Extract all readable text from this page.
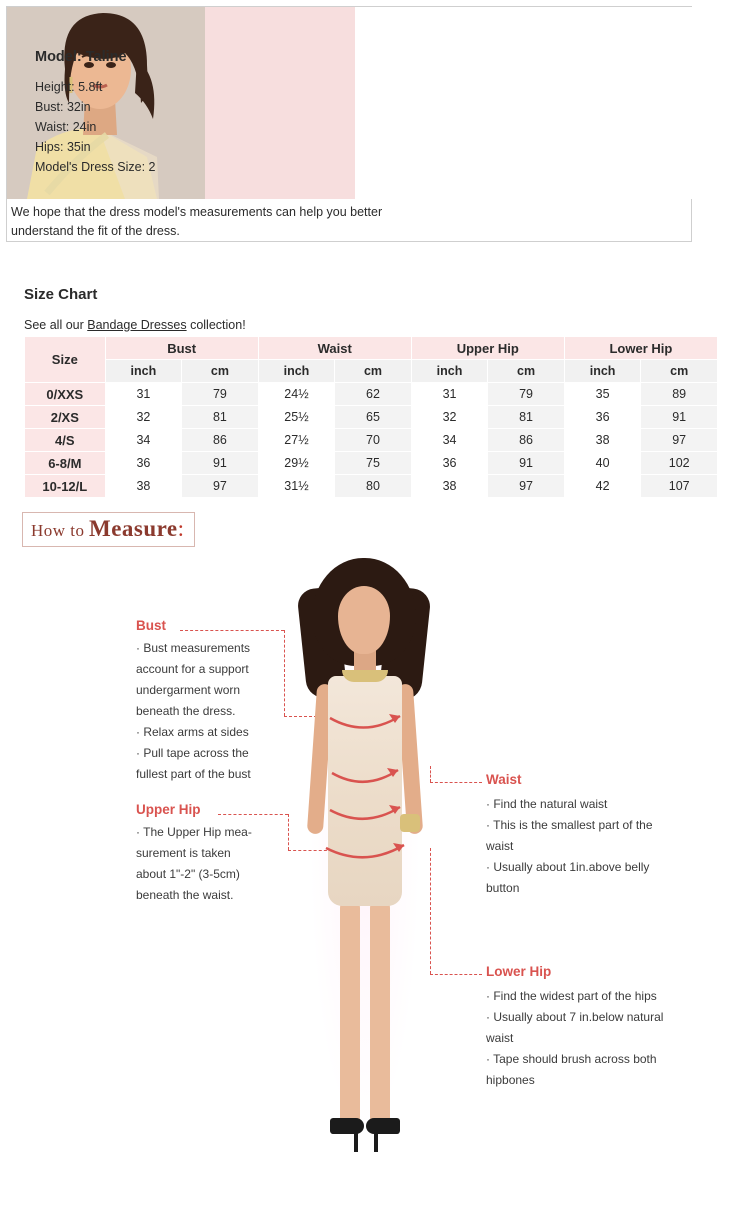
Model: Taline
Height: 5.8ft
Bust: 32in
Waist: 24in
Hips: 35in
Model's Dress Size: 2
We hope that the dress model's measurements can help you better understand the fit of the dress.
Size Chart
See all our Bandage Dresses collection!
Size	Bust		Waist		Upper Hip		Lower Hip	
	inch	cm	inch	cm	inch	cm	inch	cm
0/XXS	31	79	24½	62	31	79	35	89
2/XS	32	81	25½	65	32	81	36	91
4/S	34	86	27½	70	34	86	38	97
6-8/M	36	91	29½	75	36	91	40	102
10-12/L	38	97	31½	80	38	97	42	107
How to Measure:
Bust
· Bust measurements
account for a support
undergarment worn
beneath the dress.
· Relax arms at sides
· Pull tape across the
fullest part of the bust
Upper Hip
· The Upper Hip mea-
surement is taken
about 1"-2" (3-5cm)
beneath the waist.
Waist
· Find the natural waist
· This is the smallest part of the
waist
· Usually about 1in.above belly
button
Lower Hip
· Find the widest part of the hips
· Usually about 7 in.below natural
waist
· Tape should brush across both
hipbones
